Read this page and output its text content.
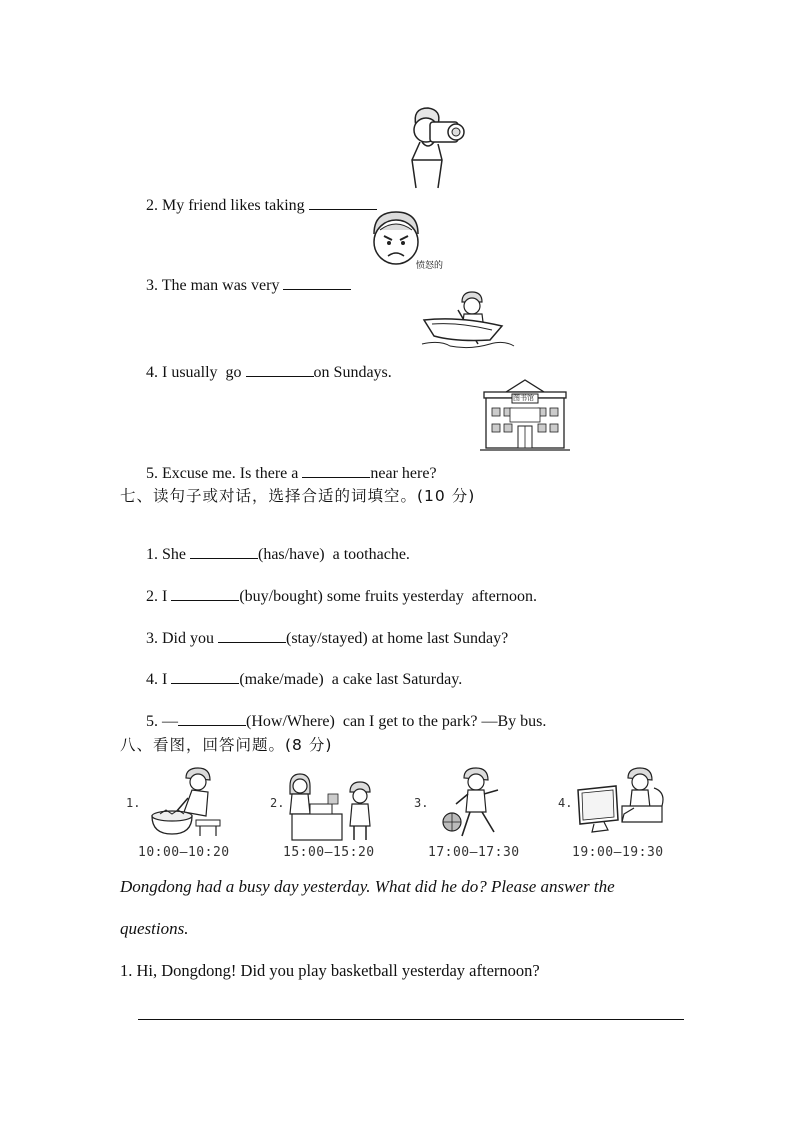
2. My friend likes taking

3. The man was very

愤怒的

4. I usually  go	on Sundays.

5. Excuse me. Is there a	near here?

图书馆
七、读句子或对话，选择合适的词填空。(10 分)

1. She	(has/have)  a toothache.

2. I	(buy/bought) some fruits yesterday  afternoon.

3. Did you	(stay/stayed) at home last Sunday?

4. I	(make/made)  a cake last Saturday.

5. —	(How/Where)  can I get to the park? —By bus.

八、看图，回答问题。(8 分)
1.
10:00—10:20
2.
15:00—15:20
3.
17:00—17:30
4.
19:00—19:30
Dongdong had a busy day yesterday. What did he do? Please answer the
questions.
1. Hi, Dongdong! Did you play basketball yesterday afternoon?
